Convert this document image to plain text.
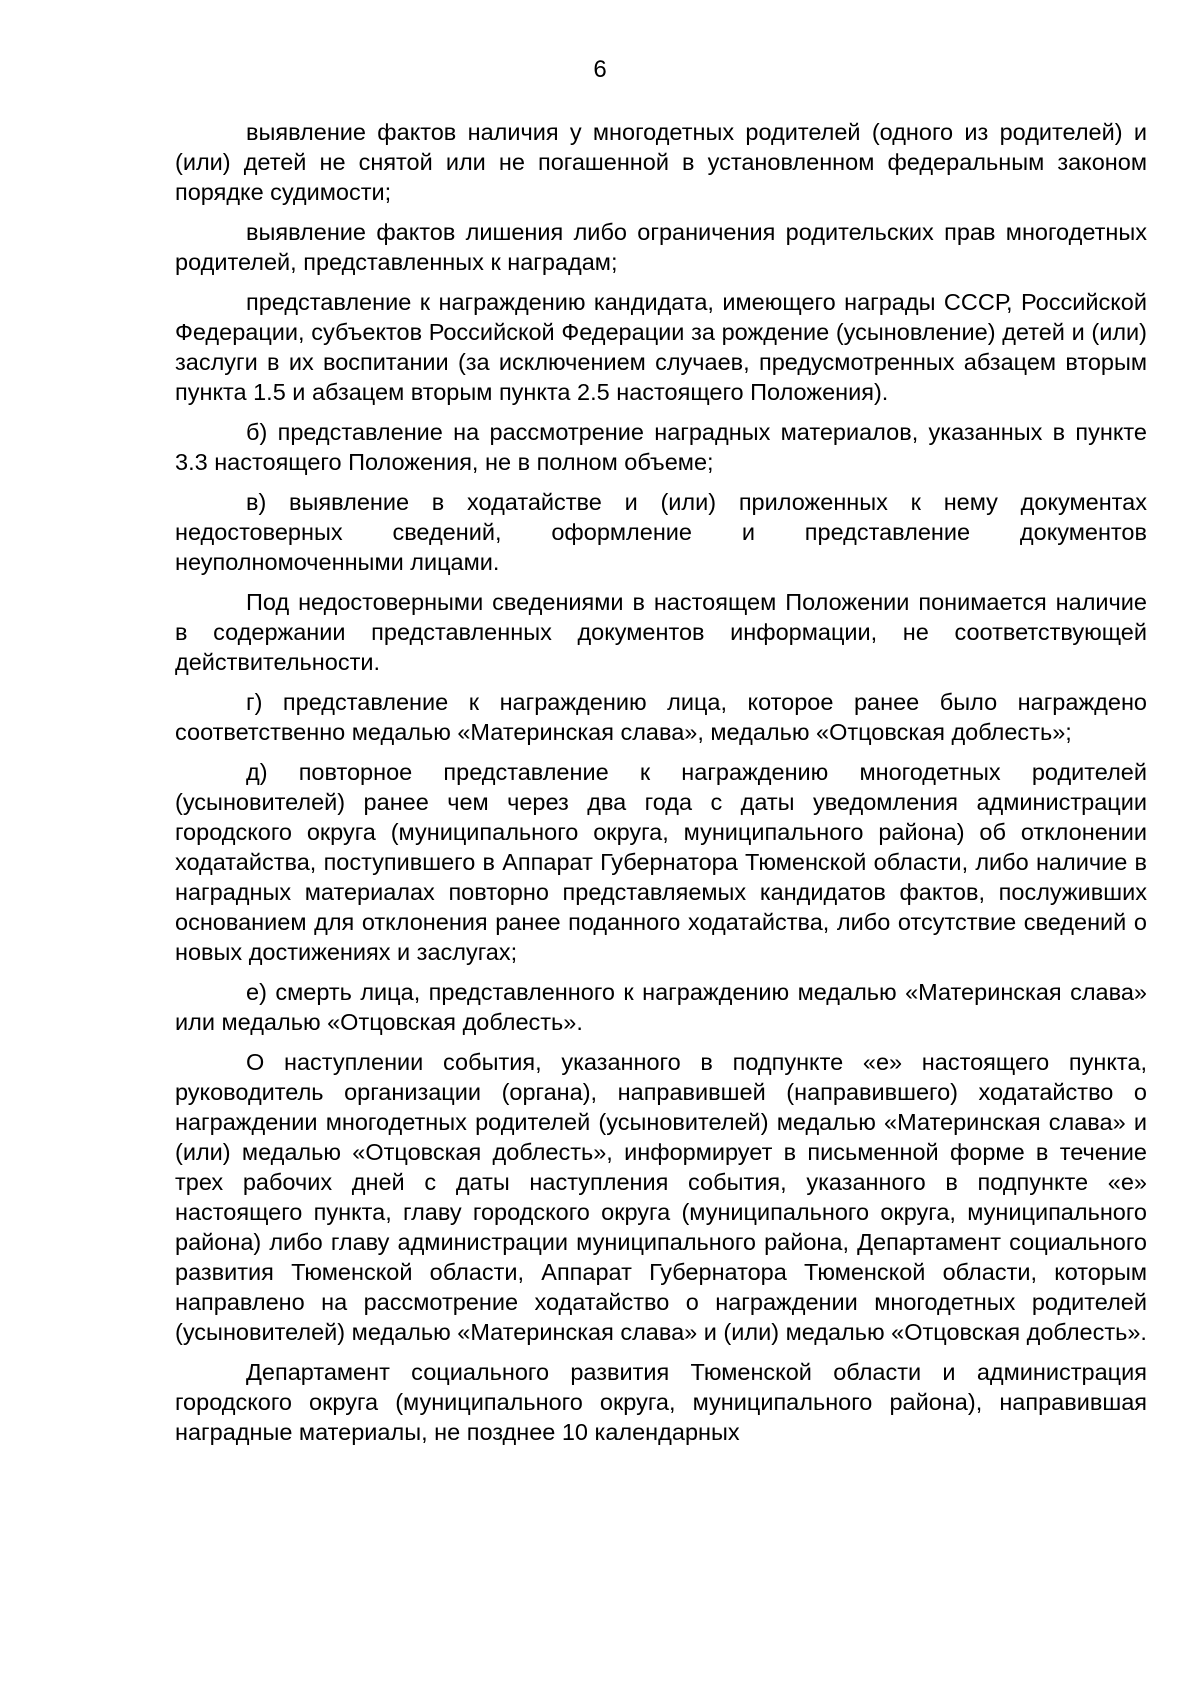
6

выявление фактов наличия у многодетных родителей (одного из родителей) и (или) детей не снятой или не погашенной в установленном федеральным законом порядке судимости;

выявление фактов лишения либо ограничения родительских прав многодетных родителей, представленных к наградам;

представление к награждению кандидата, имеющего награды СССР, Российской Федерации, субъектов Российской Федерации за рождение (усыновление) детей и (или) заслуги в их воспитании (за исключением случаев, предусмотренных абзацем вторым пункта 1.5 и абзацем вторым пункта 2.5 настоящего Положения).

б) представление на рассмотрение наградных материалов, указанных в пункте 3.3 настоящего Положения, не в полном объеме;

в) выявление в ходатайстве и (или) приложенных к нему документах недостоверных сведений, оформление и представление документов неуполномоченными лицами.

Под недостоверными сведениями в настоящем Положении понимается наличие в содержании представленных документов информации, не соответствующей действительности.

г) представление к награждению лица, которое ранее было награждено соответственно медалью «Материнская слава», медалью «Отцовская доблесть»;

д) повторное представление к награждению многодетных родителей (усыновителей) ранее чем через два года с даты уведомления администрации городского округа (муниципального округа, муниципального района) об отклонении ходатайства, поступившего в Аппарат Губернатора Тюменской области, либо наличие в наградных материалах повторно представляемых кандидатов фактов, послуживших основанием для отклонения ранее поданного ходатайства, либо отсутствие сведений о новых достижениях и заслугах;

е) смерть лица, представленного к награждению медалью «Материнская слава» или медалью «Отцовская доблесть».

О наступлении события, указанного в подпункте «е» настоящего пункта, руководитель организации (органа), направившей (направившего) ходатайство о награждении многодетных родителей (усыновителей) медалью «Материнская слава» и (или) медалью «Отцовская доблесть», информирует в письменной форме в течение трех рабочих дней с даты наступления события, указанного в подпункте «е» настоящего пункта, главу городского округа (муниципального округа, муниципального района) либо главу администрации муниципального района, Департамент социального развития Тюменской области, Аппарат Губернатора Тюменской области, которым направлено на рассмотрение ходатайство о награждении многодетных родителей (усыновителей) медалью «Материнская слава» и (или) медалью «Отцовская доблесть».

Департамент социального развития Тюменской области и администрация городского округа (муниципального округа, муниципального района), направившая наградные материалы, не позднее 10 календарных
